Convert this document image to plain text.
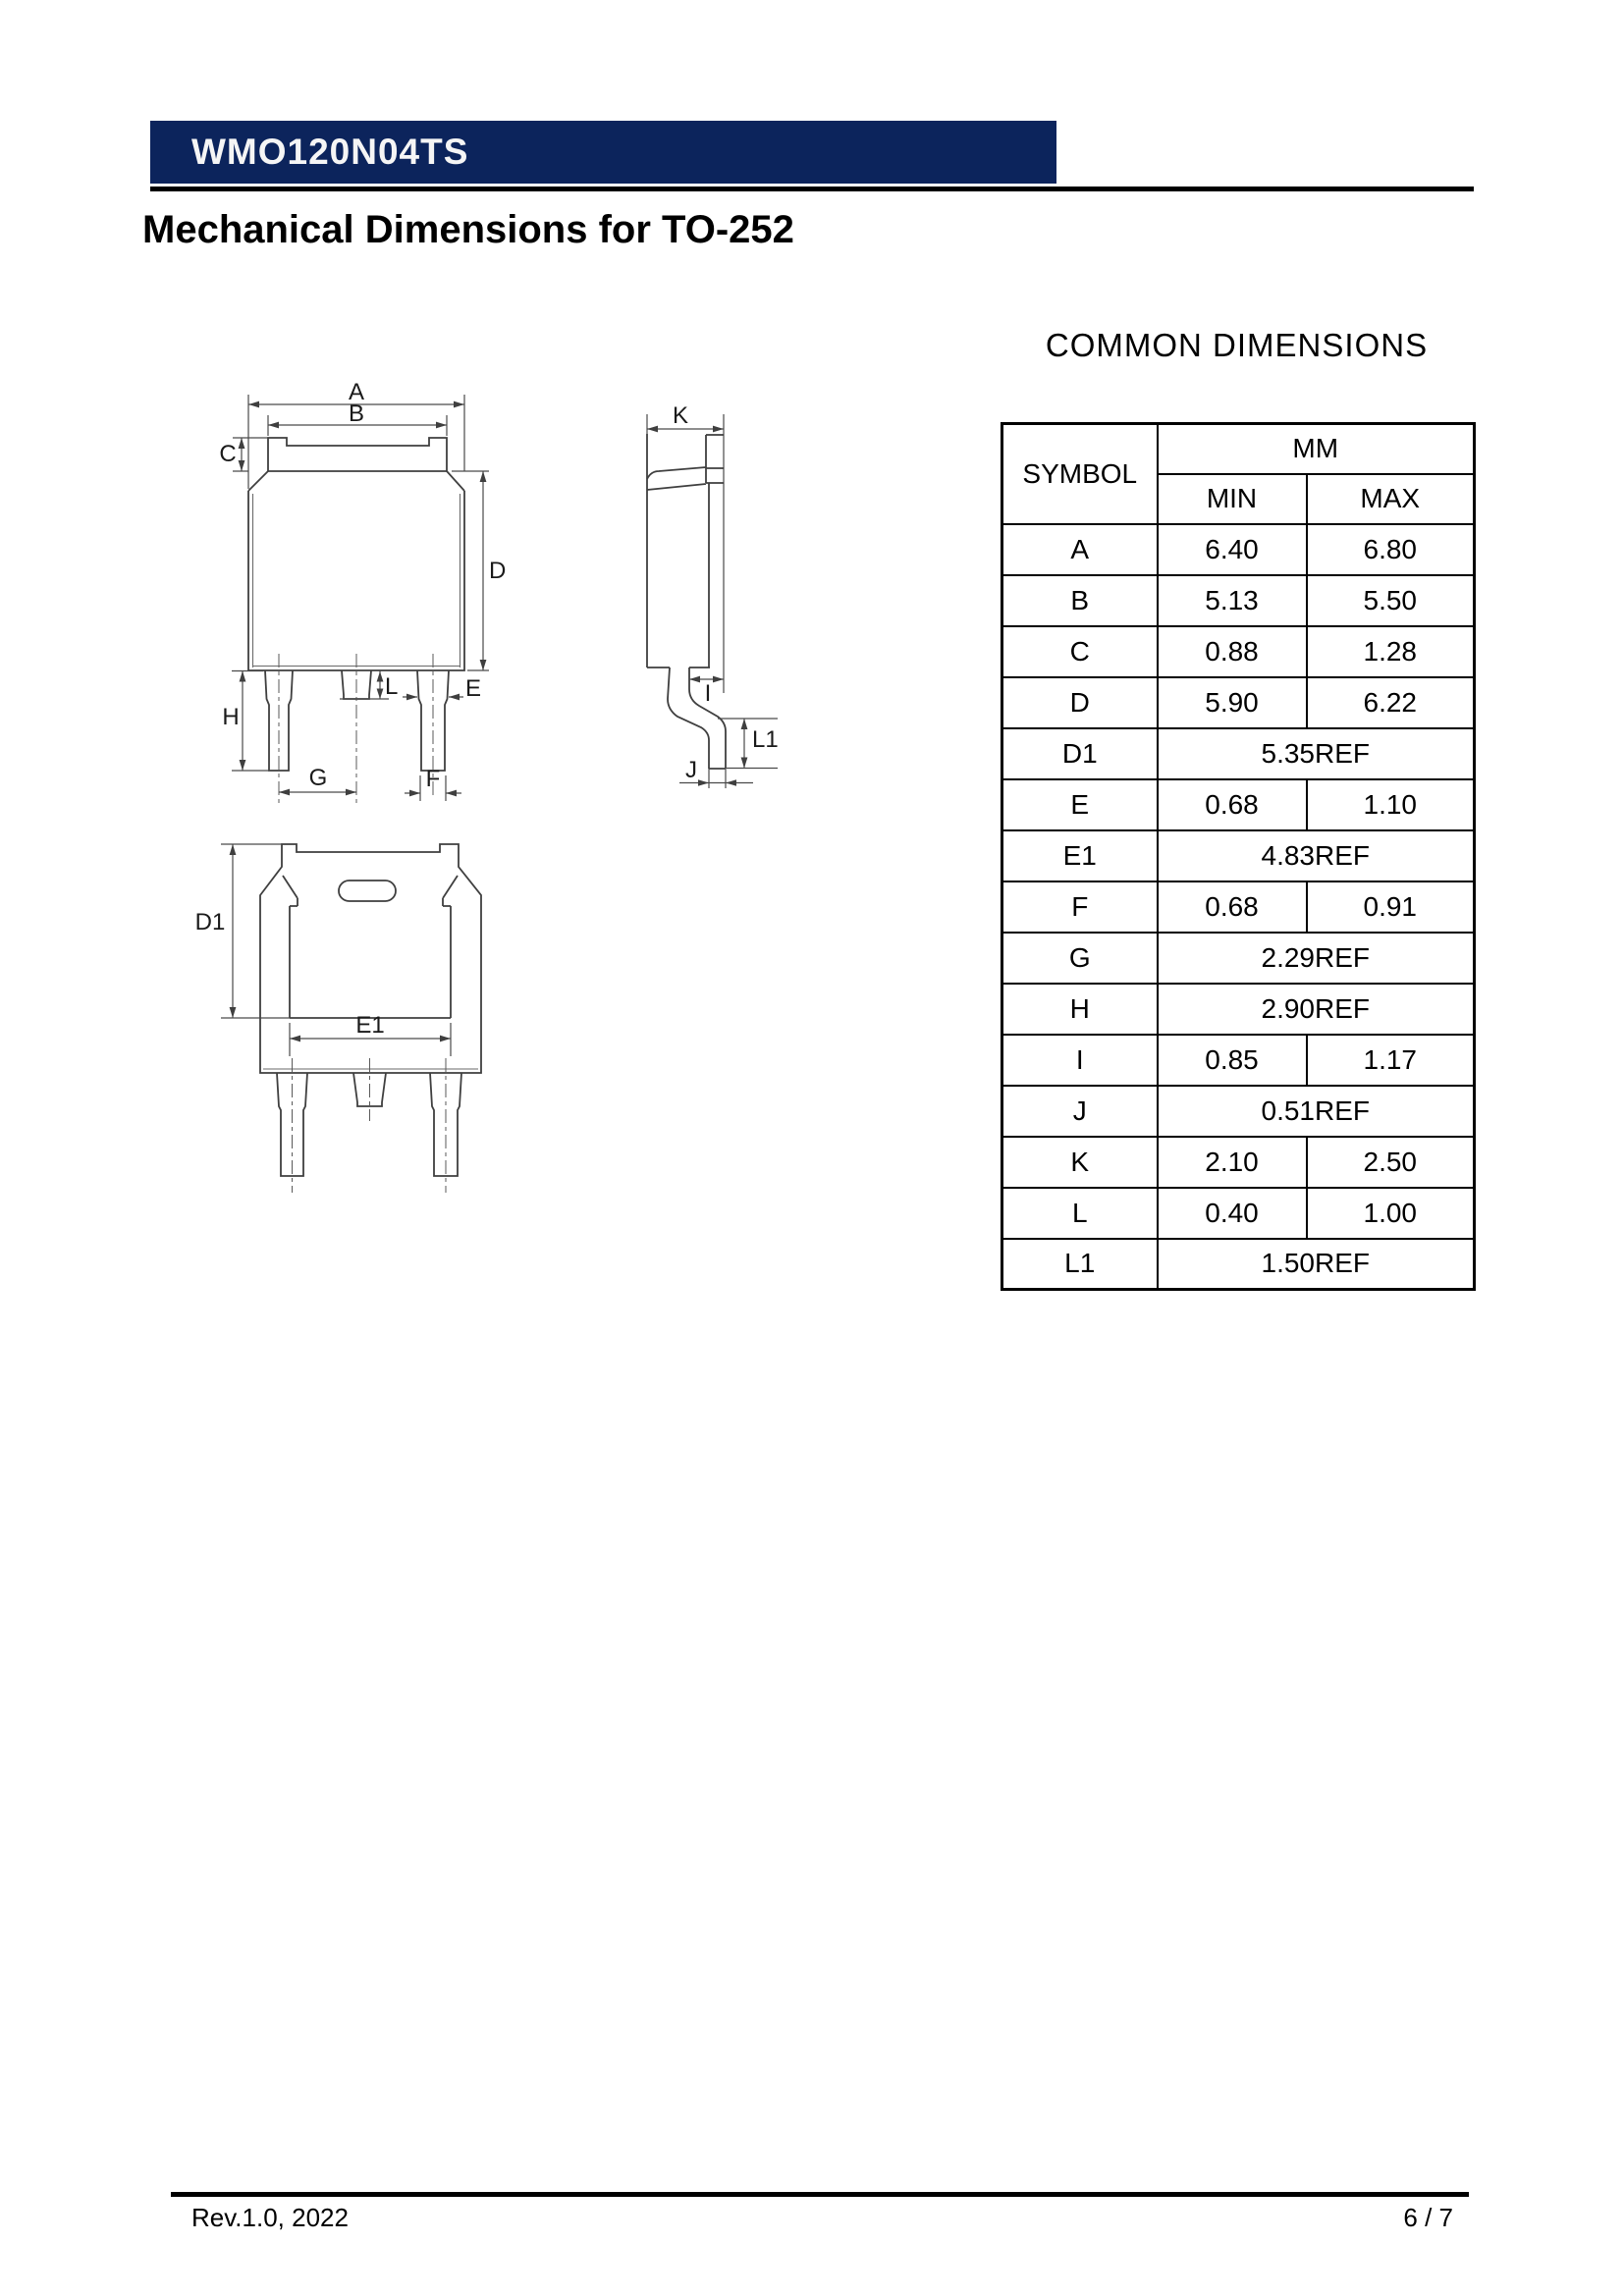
WMO120N04TS
Mechanical Dimensions for TO-252
A
B
C
D
E
F
G
H
L
K
I
L1
J
D1
E1
COMMON DIMENSIONS
SYMBOL	MM	
	MIN	MAX
A	6.40	6.80
B	5.13	5.50
C	0.88	1.28
D	5.90	6.22
D1	5.35REF	
E	0.68	1.10
E1	4.83REF	
F	0.68	0.91
G	2.29REF	
H	2.90REF	
I	0.85	1.17
J	0.51REF	
K	2.10	2.50
L	0.40	1.00
L1	1.50REF	
Rev.1.0, 2022	6 / 7
